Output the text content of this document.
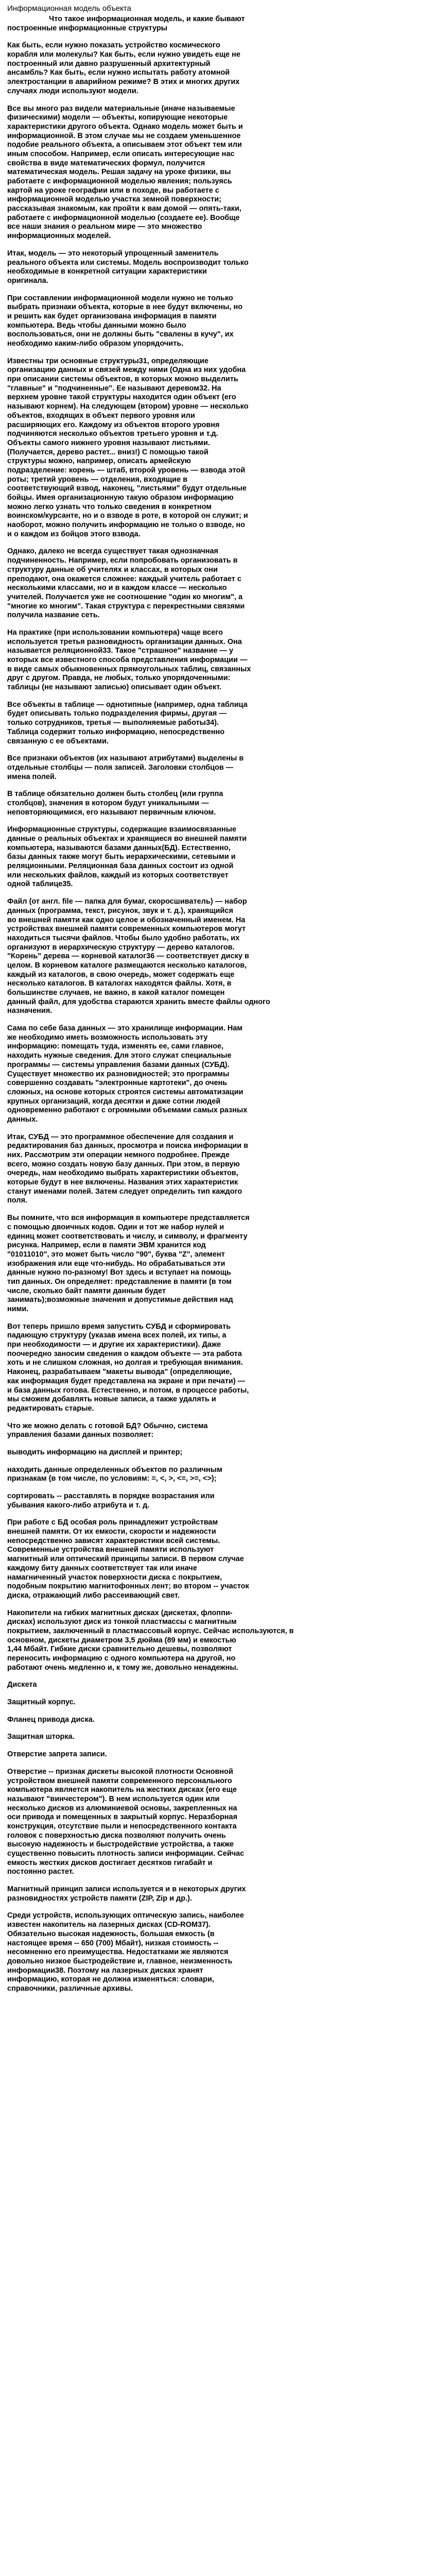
Информационная модель объекта
Что такое информационная модель, и какие бывают
построенные информационные структуры
Как быть, если нужно показать устройство космического
корабля или молекулы? Как быть, если нужно увидеть еще не
построенный или давно разрушенный архитектурный
ансамбль? Как быть, если нужно испытать работу атомной
электростанции в аварийном режиме? В этих и многих других
случаях люди используют модели.
Все вы много раз видели материальные (иначе называемые
физическими) модели — объекты, копирующие некоторые
характеристики другого объекта. Однако модель может быть и
информационной. В этом случае мы не создаем уменьшенное
подобие реального объекта, а описываем этот объект тем или
иным способом. Например, если описать интересующие нас
свойства в виде математических формул, получится
математическая модель. Решая задачу на уроке физики, вы
работаете с информационной моделью явления; пользуясь
картой на уроке географии или в походе, вы работаете с
информационной моделью участка земной поверхности;
рассказывая знакомым, как пройти к вам домой — опять-таки,
работаете с информационной моделью (создаете ее). Вообще
все наши знания о реальном мире — это множество
информационных моделей.
Итак, модель — это некоторый упрощенный заменитель
реального объекта или системы. Модель воспроизводит только
необходимые в конкретной ситуации характеристики
оригинала.
При составлении информационной модели нужно не только
выбрать признаки объекта, которые в нее будут включены, но
и решить как будет организована информация в памяти
компьютера. Ведь чтобы данными можно было
воспользоваться, они не должны быть "свалены в кучу", их
необходимо каким-либо образом упорядочить.
Известны три основные структуры31, определяющие
организацию данных и связей между ними (Одна из них удобна
при описании системы объектов, в которых можно выделить
"главные" и "подчиненные". Ее называют деревом32. На
верхнем уровне такой структуры находится один объект (его
называют корнем). На следующем (втором) уровне — несколько
объектов, входящих в объект первого уровня или
расширяющих его. Каждому из объектов второго уровня
подчиняются несколько объектов третьего уровня и т.д.
Объекты самого нижнего уровня называют листьями.
(Получается, дерево растет... вниз!) С помощью такой
структуры можно, например, описать армейскую
подразделение: корень — штаб, второй уровень — взвода этой
роты; третий уровень — отделения, входящие в
соответствующий взвод, наконец, "листьями" будут отдельные
бойцы. Имея организационную такую образом информацию
можно легко узнать что только сведения в конкретном
воинском/курсанте, но и о взводе в роте, в которой он служит; и
наоборот, можно получить информацию не только о взводе, но
и о каждом из бойцов этого взвода.
Однако, далеко не всегда существует такая однозначная
подчиненность. Например, если попробовать организовать в
структуру данные об учителях и классах, в которых они
преподают, она окажется сложнее: каждый учитель работает с
несколькими классами, но и в каждом классе — несколько
учителей. Получается уже не соотношение "один ко многим", а
"многие ко многим". Такая структура с перекрестными связями
получила название сеть.
На практике (при использовании компьютера) чаще всего
используется третья разновидность организации данных. Она
называется реляционной33. Такое "страшное" название — у
которых все известного способа представления информации —
в виде самых обыкновенных прямоугольных таблиц, связанных
друг с другом. Правда, не любых, только упорядоченными:
таблицы (не называют записью) описывает один объект.
Все объекты в таблице — однотипные (например, одна таблица
будет описывать только подразделения фирмы, другая —
только сотрудников, третья — выполняемые работы34).
Таблица содержит только информацию, непосредственно
связанную с ее объектами.
Все признаки объектов (их называют атрибутами) выделены в
отдельные столбцы — поля записей. Заголовки столбцов —
имена полей.
В таблице обязательно должен быть столбец (или группа
столбцов), значения в котором будут уникальными —
неповторяющимися, его называют первичным ключом.
Информационные структуры, содержащие взаимосвязанные
данные о реальных объектах и хранящиеся во внешней памяти
компьютера, называются базами данных(БД). Естественно,
базы данных также могут быть иерархическими, сетевыми и
реляционными. Реляционная база данных состоит из одной
или нескольких файлов, каждый из которых соответствует
одной таблице35.
Файл (от англ. file — папка для бумаг, скоросшиватель) — набор
данных (программа, текст, рисунок, звук и т. д.), хранящийся
во внешней памяти как одно целое и обозначенный именем. На
устройствах внешней памяти современных компьютеров могут
находиться тысячи файлов. Чтобы было удобно работать, их
организуют в иерархическую структуру — дерево каталогов.
"Корень" дерева — корневой каталог36 — соответствует диску в
целом. В корневом каталоге размещаются несколько каталогов,
каждый из каталогов, в свою очередь, может содержать еще
несколько каталогов. В каталогах находятся файлы. Хотя, в
большинстве случаев, не важно, в какой каталог помещен
данный файл, для удобства стараются хранить вместе файлы одного
назначения.
Сама по себе база данных — это хранилище информации. Нам
же необходимо иметь возможность использовать эту
информацию: помещать туда, изменять ее, сами главное,
находить нужные сведения. Для этого служат специальные
программы — системы управления базами данных (СУБД).
Существует множество их разновидностей; это программы
совершенно создавать "электронные картотеки", до очень
сложных, на основе которых строятся системы автоматизации
крупных организаций, когда десятки и даже сотни людей
одновременно работают с огромными объемами самых разных
данных.
Итак, СУБД — это программное обеспечение для создания и
редактирования баз данных, просмотра и поиска информации в
них. Рассмотрим эти операции немного подробнее. Прежде
всего, можно создать новую базу данных. При этом, в первую
очередь, нам необходимо выбрать характеристики объектов,
которые будут в нее включены. Названия этих характеристик
станут именами полей. Затем следует определить тип каждого
поля.
Вы помните, что вся информация в компьютере представляется
с помощью двоичных кодов. Один и тот же набор нулей и
единиц может соответствовать и числу, и символу, и фрагменту
рисунка. Например, если в памяти ЭВМ хранится код
"01011010", это может быть число "90", буква "Z", элемент
изображения или еще что-нибудь. Но обрабатываться эти
данные нужно по-разному! Вот здесь и вступает на помощь
тип данных. Он определяет: представление в памяти (в том
числе, сколько байт памяти данным будет
занимать);возможные значения и допустимые действия над
ними.
Вот теперь пришло время запустить СУБД и сформировать
падающую структуру (указав имена всех полей, их типы, а
при необходимости — и другие их характеристики). Даже
поочередно заносим сведения о каждом объекте — эта работа
хоть и не слишком сложная, но долгая и требующая внимания.
Наконец, разрабатываем "макеты вывода" (определяющие,
как информация будет представлена на экране и при печати) —
и база данных готова. Естественно, и потом, в процессе работы,
мы сможем добавлять новые записи, а также удалять и
редактировать старые.
Что же можно делать с готовой БД? Обычно, система
управления базами данных позволяет:
выводить информацию на дисплей и принтер;
находить данные определенных объектов по различным
признакам (в том числе, по условиям: =, <, >, <=, >=, <>);
сортировать -- расставлять в порядке возрастания или
убывания какого-либо атрибута и т. д.
При работе с БД особая роль принадлежит устройствам
внешней памяти. От их емкости, скорости и надежности
непосредственно зависят характеристики всей системы.
Современные устройства внешней памяти используют
магнитный или оптический принципы записи. В первом случае
каждому биту данных соответствует так или иначе
намагниченный участок поверхности диска с покрытием,
подобным покрытию магнитофонных лент; во втором -- участок
диска, отражающий либо рассеивающий свет.
Накопители на гибких магнитных дисках (дискетах, флоппи-
дисках) используют диск из тонкой пластмассы с магнитным
покрытием, заключенный в пластмассовый корпус. Сейчас используются, в
основном, дискеты диаметром 3,5 дюйма (89 мм) и емкостью
1,44 Мбайт. Гибкие диски сравнительно дешевы, позволяют
переносить информацию с одного компьютера на другой, но
работают очень медленно и, к тому же, довольно ненадежны.
Дискета
Защитный корпус.
Фланец привода диска.
Защитная шторка.
Отверстие запрета записи.
Отверстие -- признак дискеты высокой плотности Основной
устройством внешней памяти современного персонального
компьютера является накопитель на жестких дисках (его еще
называют "винчестером"). В нем используется один или
несколько дисков из алюминиевой основы, закрепленных на
оси привода и помещенных в закрытый корпус. Неразборная
конструкция, отсутствие пыли и непосредственного контакта
головок с поверхностью диска позволяют получить очень
высокую надежность и быстродействие устройства, а также
существенно повысить плотность записи информации. Сейчас
емкость жестких дисков достигает десятков гигабайт и
постоянно растет.
Магнитный принцип записи используется и в некоторых других
разновидностях устройств памяти (ZIP, Zip и др.).
Среди устройств, использующих оптическую запись, наиболее
известен накопитель на лазерных дисках (CD-ROM37).
Обязательно высокая надежность, большая емкость (в
настоящее время -- 650 (700) Мбайт), низкая стоимость --
несомненно его преимущества. Недостатками же являются
довольно низкое быстродействие и, главное, неизменность
информации38. Поэтому на лазерных дисках хранят
информацию, которая не должна изменяться: словари,
справочники, различные архивы.
